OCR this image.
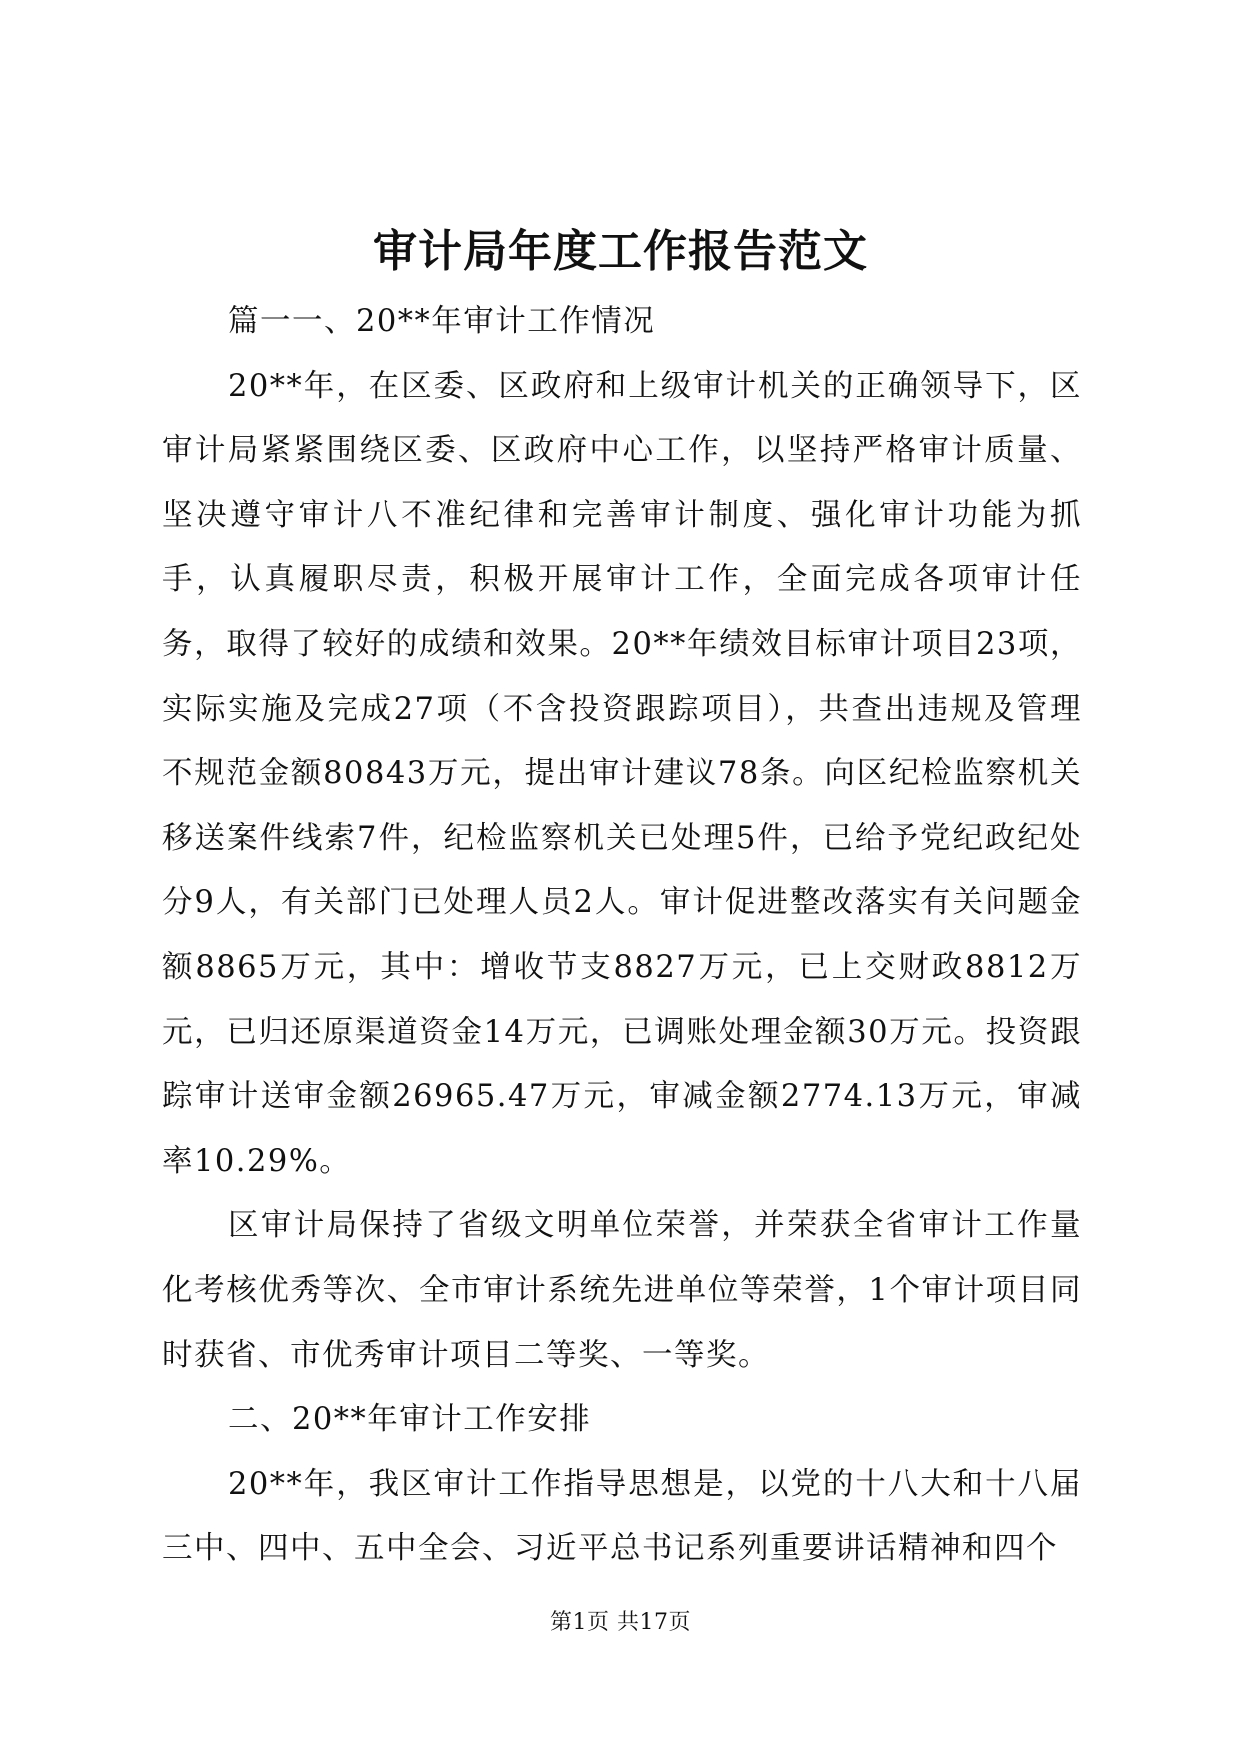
审计局年度工作报告范文

篇一一、20**年审计工作情况

20**年，在区委、区政府和上级审计机关的正确领导下，区审计局紧紧围绕区委、区政府中心工作，以坚持严格审计质量、坚决遵守审计八不准纪律和完善审计制度、强化审计功能为抓手，认真履职尽责，积极开展审计工作，全面完成各项审计任务，取得了较好的成绩和效果。20**年绩效目标审计项目23项，实际实施及完成27项（不含投资跟踪项目），共查出违规及管理不规范金额80843万元，提出审计建议78条。向区纪检监察机关移送案件线索7件，纪检监察机关已处理5件，已给予党纪政纪处分9人，有关部门已处理人员2人。审计促进整改落实有关问题金额8865万元，其中：增收节支8827万元，已上交财政8812万元，已归还原渠道资金14万元，已调账处理金额30万元。投资跟踪审计送审金额26965.47万元，审减金额2774.13万元，审减率10.29%。

区审计局保持了省级文明单位荣誉，并荣获全省审计工作量化考核优秀等次、全市审计系统先进单位等荣誉，1个审计项目同时获省、市优秀审计项目二等奖、一等奖。

二、20**年审计工作安排

20**年，我区审计工作指导思想是，以党的十八大和十八届三中、四中、五中全会、习近平总书记系列重要讲话精神和四个

第1页 共17页
